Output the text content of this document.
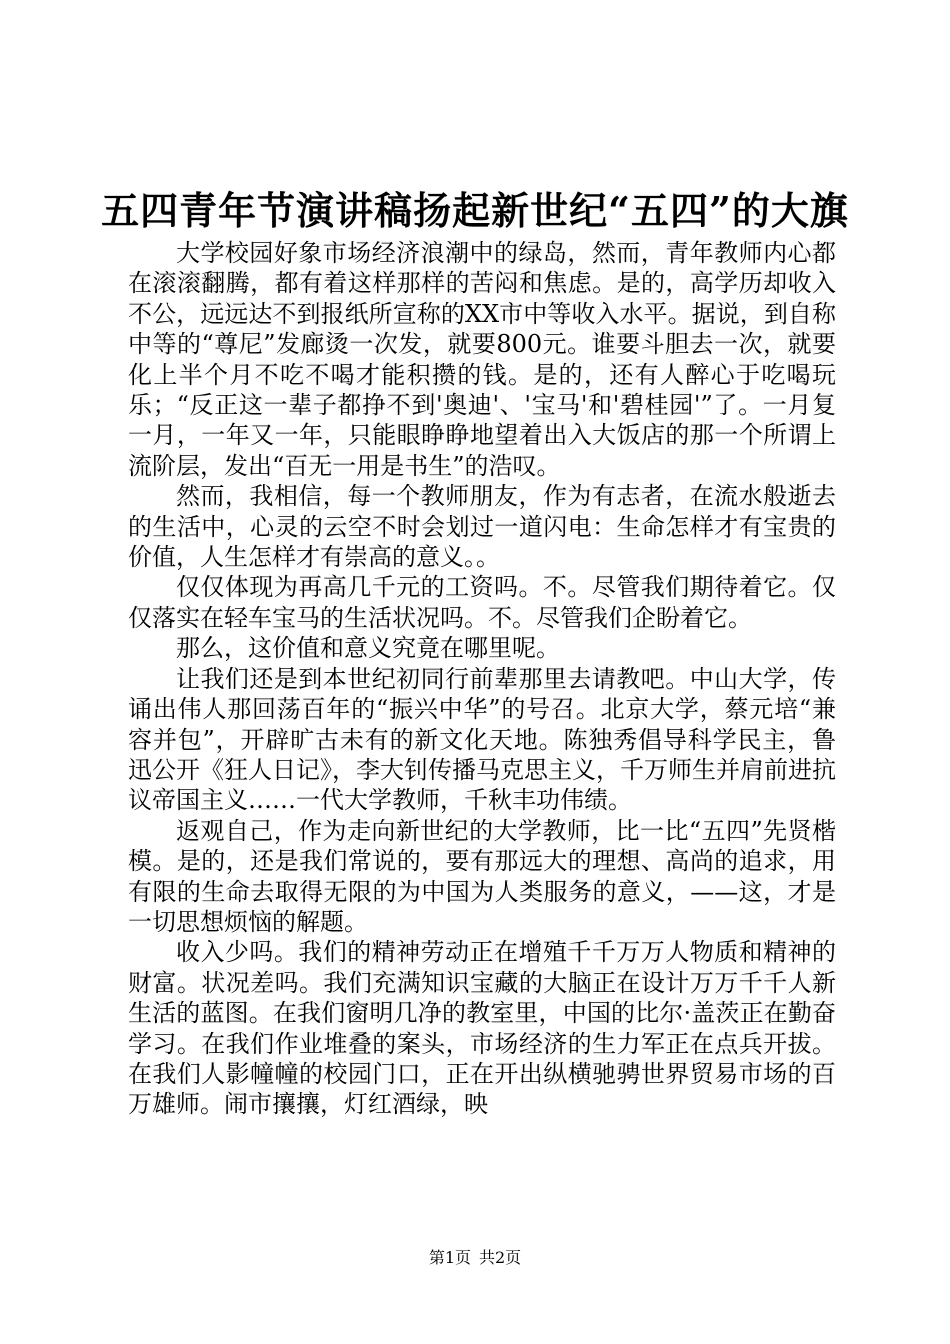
五四青年节演讲稿扬起新世纪“五四”的大旗

大学校园好象市场经济浪潮中的绿岛，然而，青年教师内心都在滚滚翻腾，都有着这样那样的苦闷和焦虑。是的，高学历却收入不公，远远达不到报纸所宣称的XX市中等收入水平。据说，到自称中等的“尊尼”发廊烫一次发，就要800元。谁要斗胆去一次，就要化上半个月不吃不喝才能积攒的钱。是的，还有人醉心于吃喝玩乐；“反正这一辈子都挣不到'奥迪'、'宝马'和'碧桂园'”了。一月复一月，一年又一年，只能眼睁睁地望着出入大饭店的那一个所谓上流阶层，发出“百无一用是书生”的浩叹。

然而，我相信，每一个教师朋友，作为有志者，在流水般逝去的生活中，心灵的云空不时会划过一道闪电：生命怎样才有宝贵的价值，人生怎样才有崇高的意义。。

仅仅体现为再高几千元的工资吗。不。尽管我们期待着它。仅仅落实在轻车宝马的生活状况吗。不。尽管我们企盼着它。

那么，这价值和意义究竟在哪里呢。

让我们还是到本世纪初同行前辈那里去请教吧。中山大学，传诵出伟人那回荡百年的“振兴中华”的号召。北京大学，蔡元培“兼容并包”，开辟旷古未有的新文化天地。陈独秀倡导科学民主，鲁迅公开《狂人日记》，李大钊传播马克思主义，千万师生并肩前进抗议帝国主义……一代大学教师，千秋丰功伟绩。

返观自己，作为走向新世纪的大学教师，比一比“五四”先贤楷模。是的，还是我们常说的，要有那远大的理想、高尚的追求，用有限的生命去取得无限的为中国为人类服务的意义，——这，才是一切思想烦恼的解题。

收入少吗。我们的精神劳动正在增殖千千万万人物质和精神的财富。状况差吗。我们充满知识宝藏的大脑正在设计万万千千人新生活的蓝图。在我们窗明几净的教室里，中国的比尔·盖茨正在勤奋学习。在我们作业堆叠的案头，市场经济的生力军正在点兵开拔。在我们人影幢幢的校园门口，正在开出纵横驰骋世界贸易市场的百万雄师。闹市攘攘，灯红酒绿，映

第1页 共2页
